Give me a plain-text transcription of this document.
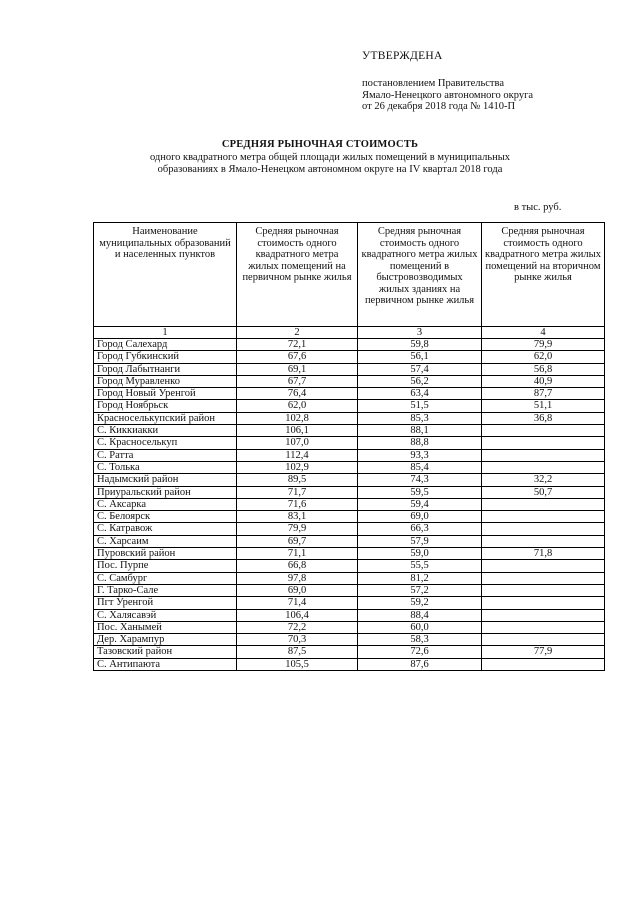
УТВЕРЖДЕНА
постановлением Правительства
Ямало-Ненецкого автономного округа
от 26 декабря 2018 года № 1410-П
СРЕДНЯЯ РЫНОЧНАЯ СТОИМОСТЬ
одного квадратного метра общей площади жилых помещений в муниципальных
образованиях в Ямало-Ненецком автономном округе на IV квартал 2018 года
в тыс. руб.
Наименование муниципальных образований и населенных пунктов	Средняя рыночная стоимость одного квадратного метра жилых помещений на первичном рынке жилья	Средняя рыночная стоимость одного квадратного метра жилых помещений в быстровозводимых жилых зданиях на первичном рынке жилья	Средняя рыночная стоимость одного квадратного метра жилых помещений на вторичном рынке жилья
1	2	3	4
Город Салехард	72,1	59,8	79,9
Город Губкинский	67,6	56,1	62,0
Город Лабытнанги	69,1	57,4	56,8
Город Муравленко	67,7	56,2	40,9
Город Новый Уренгой	76,4	63,4	87,7
Город Ноябрьск	62,0	51,5	51,1
Красноселькупский район	102,8	85,3	36,8
С. Киккиакки	106,1	88,1	
С. Красноселькуп	107,0	88,8	
С. Ратта	112,4	93,3	
С. Толька	102,9	85,4	
Надымский район	89,5	74,3	32,2
Приуральский район	71,7	59,5	50,7
С. Аксарка	71,6	59,4	
С. Белоярск	83,1	69,0	
С. Катравож	79,9	66,3	
С. Харсаим	69,7	57,9	
Пуровский район	71,1	59,0	71,8
Пос. Пурпе	66,8	55,5	
С. Самбург	97,8	81,2	
Г. Тарко-Сале	69,0	57,2	
Пгт Уренгой	71,4	59,2	
С. Халясавэй	106,4	88,4	
Пос. Ханымей	72,2	60,0	
Дер. Харампур	70,3	58,3	
Тазовский район	87,5	72,6	77,9
С. Антипаюта	105,5	87,6	
